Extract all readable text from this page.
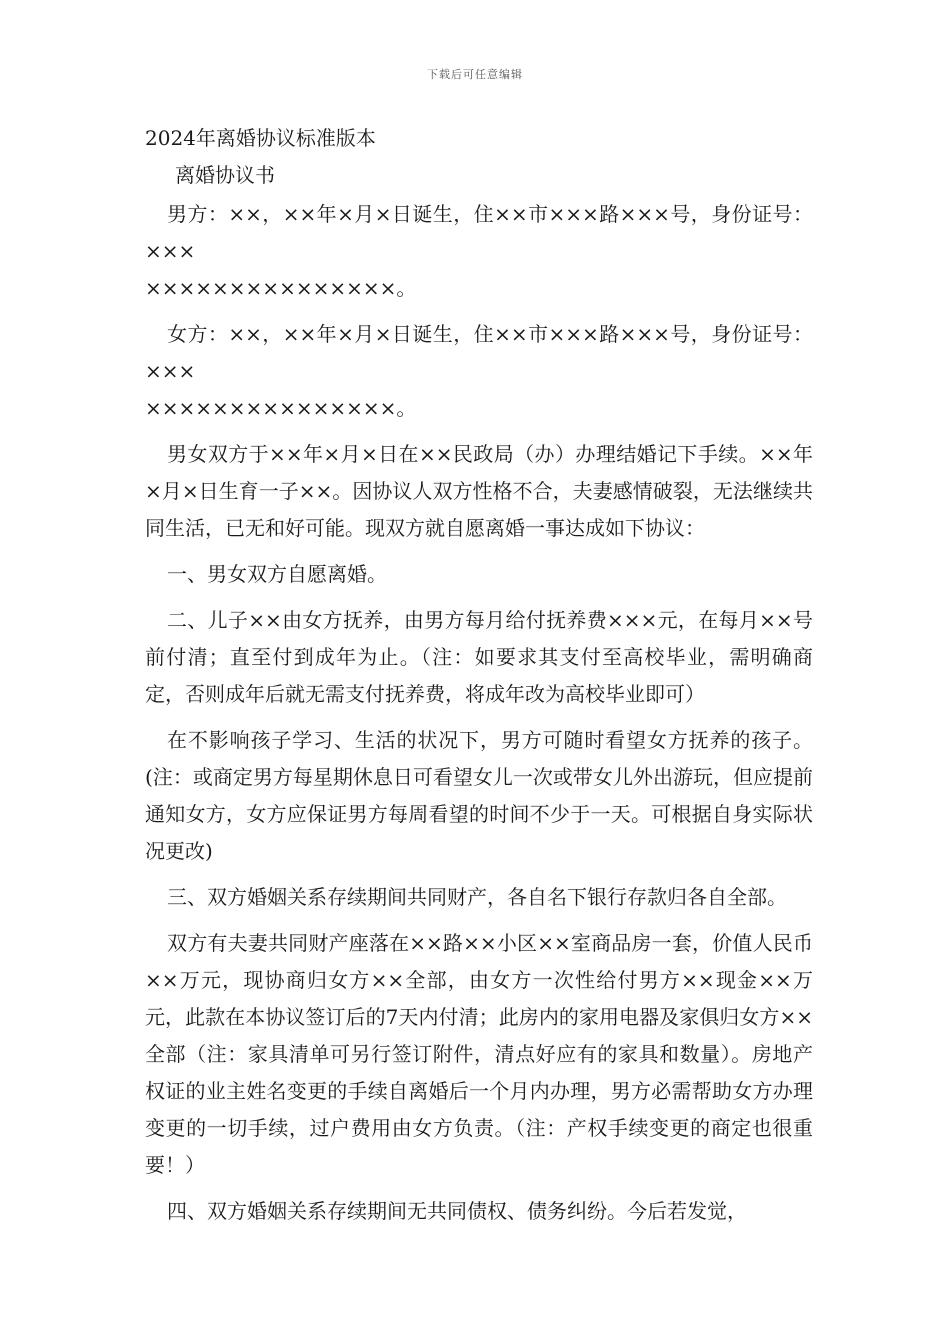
下载后可任意编辑
2024年离婚协议标准版本
离婚协议书

男方：××，××年×月×日诞生，住××市×××路×××号，身份证号：×××
×××××××××××××××。

女方：××，××年×月×日诞生，住××市×××路×××号，身份证号：×××
×××××××××××××××。

男女双方于××年×月×日在××民政局（办）办理结婚记下手续。××年×月×日生育一子××。因协议人双方性格不合，夫妻感情破裂，无法继续共同生活，已无和好可能。现双方就自愿离婚一事达成如下协议：

一、男女双方自愿离婚。

二、儿子××由女方抚养，由男方每月给付抚养费×××元，在每月××号前付清；直至付到成年为止。（注：如要求其支付至高校毕业，需明确商定，否则成年后就无需支付抚养费，将成年改为高校毕业即可）

在不影响孩子学习、生活的状况下，男方可随时看望女方抚养的孩子。(注：或商定男方每星期休息日可看望女儿一次或带女儿外出游玩，但应提前通知女方，女方应保证男方每周看望的时间不少于一天。可根据自身实际状况更改)

三、双方婚姻关系存续期间共同财产，各自名下银行存款归各自全部。

双方有夫妻共同财产座落在××路××小区××室商品房一套，价值人民币××万元，现协商归女方××全部，由女方一次性给付男方××现金××万元，此款在本协议签订后的7天内付清；此房内的家用电器及家俱归女方××全部（注：家具清单可另行签订附件，清点好应有的家具和数量）。房地产权证的业主姓名变更的手续自离婚后一个月内办理，男方必需帮助女方办理变更的一切手续，过户费用由女方负责。（注：产权手续变更的商定也很重要！）

四、双方婚姻关系存续期间无共同债权、债务纠纷。今后若发觉，
